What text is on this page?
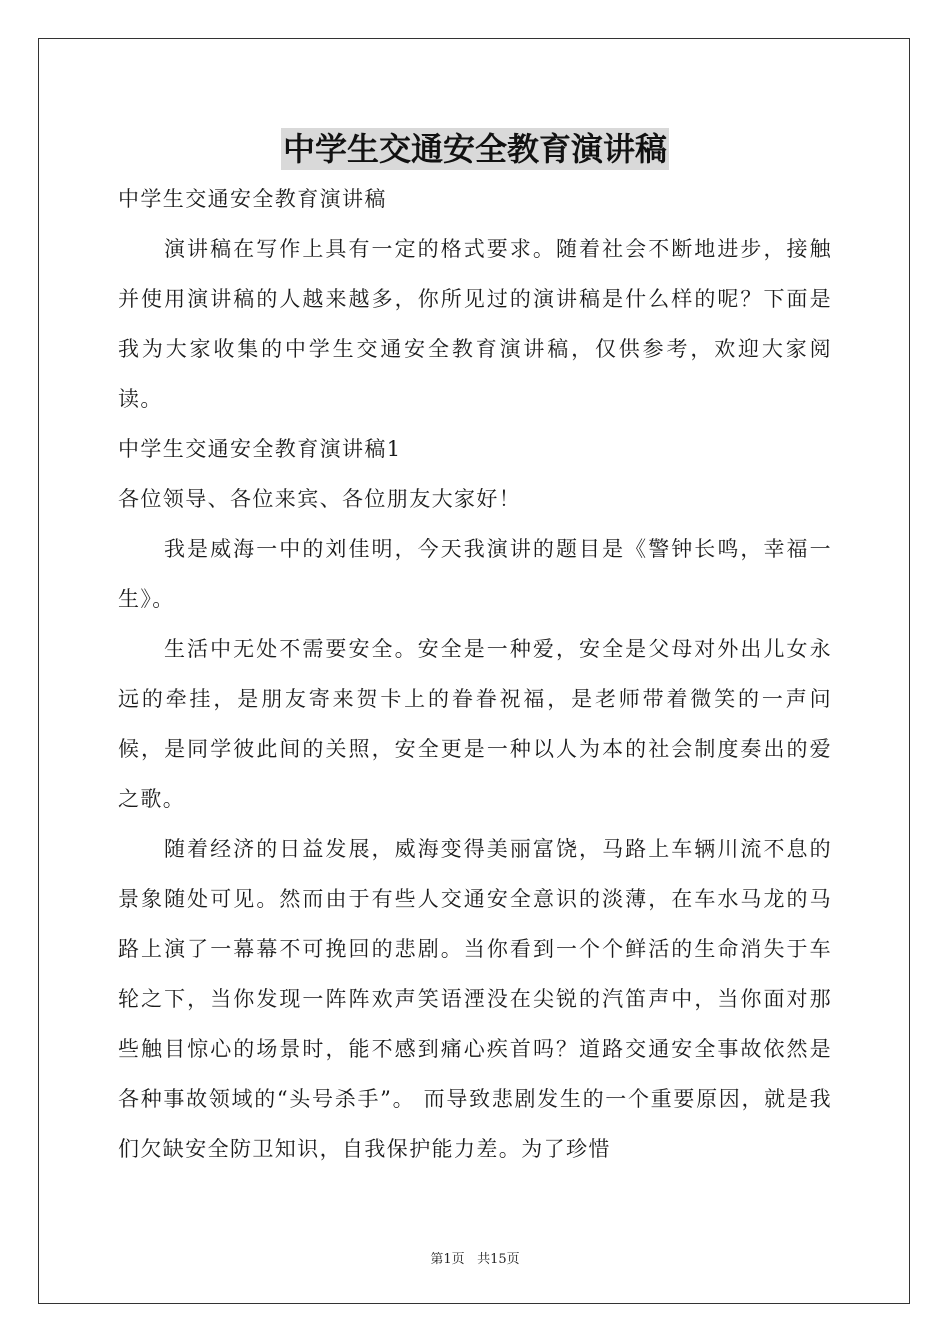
中学生交通安全教育演讲稿

中学生交通安全教育演讲稿

演讲稿在写作上具有一定的格式要求。随着社会不断地进步，接触并使用演讲稿的人越来越多，你所见过的演讲稿是什么样的呢？下面是我为大家收集的中学生交通安全教育演讲稿，仅供参考，欢迎大家阅读。

中学生交通安全教育演讲稿1

各位领导、各位来宾、各位朋友大家好！

我是威海一中的刘佳明，今天我演讲的题目是《警钟长鸣，幸福一生》。

生活中无处不需要安全。安全是一种爱，安全是父母对外出儿女永远的牵挂，是朋友寄来贺卡上的眷眷祝福，是老师带着微笑的一声问候，是同学彼此间的关照，安全更是一种以人为本的社会制度奏出的爱之歌。

随着经济的日益发展，威海变得美丽富饶，马路上车辆川流不息的景象随处可见。然而由于有些人交通安全意识的淡薄，在车水马龙的马路上演了一幕幕不可挽回的悲剧。当你看到一个个鲜活的生命消失于车轮之下，当你发现一阵阵欢声笑语湮没在尖锐的汽笛声中，当你面对那些触目惊心的场景时，能不感到痛心疾首吗？道路交通安全事故依然是各种事故领域的“头号杀手”。 而导致悲剧发生的一个重要原因，就是我们欠缺安全防卫知识，自我保护能力差。为了珍惜

第1页 共15页
